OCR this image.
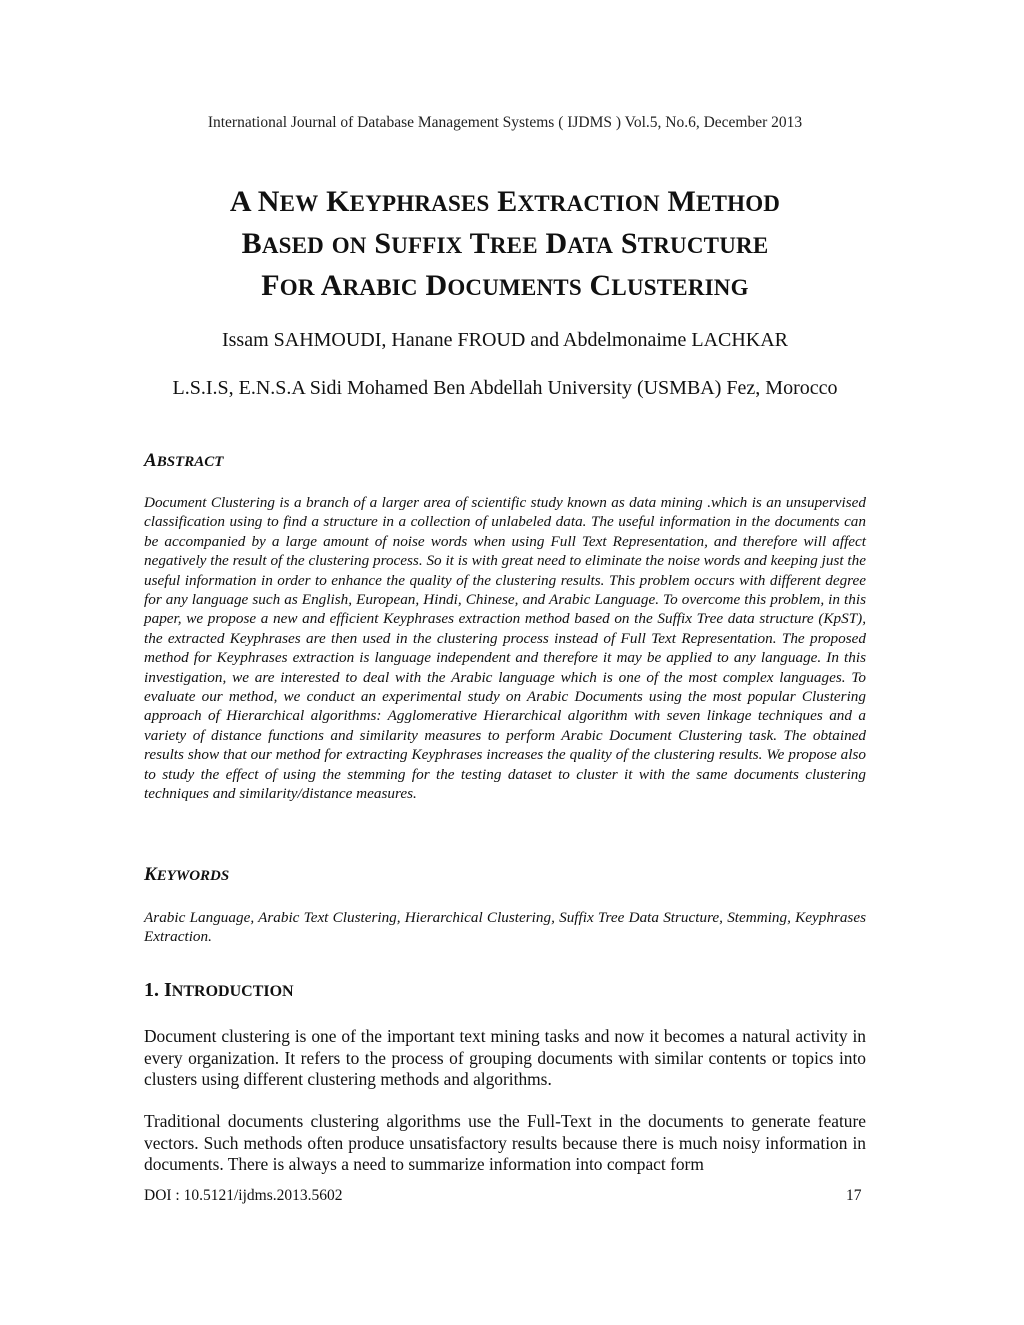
International Journal of Database Management Systems ( IJDMS ) Vol.5, No.6, December 2013
A NEW KEYPHRASES EXTRACTION METHOD
BASED ON SUFFIX TREE DATA STRUCTURE
FOR ARABIC DOCUMENTS CLUSTERING
Issam SAHMOUDI, Hanane FROUD and Abdelmonaime LACHKAR
L.S.I.S, E.N.S.A Sidi Mohamed Ben Abdellah University (USMBA) Fez, Morocco
ABSTRACT
Document Clustering is a branch of a larger area of scientific study known as data mining .which is an unsupervised classification using to find a structure in a collection of unlabeled data. The useful information in the documents can be accompanied by a large amount of noise words when using Full Text Representation, and therefore will affect negatively the result of the clustering process. So it is with great need to eliminate the noise words and keeping just the useful information in order to enhance the quality of the clustering results. This problem occurs with different degree for any language such as English, European, Hindi, Chinese, and Arabic Language. To overcome this problem, in this paper, we propose a new and efficient Keyphrases extraction method based on the Suffix Tree data structure (KpST), the extracted Keyphrases are then used in the clustering process instead of Full Text Representation. The proposed method for Keyphrases extraction is language independent and therefore it may be applied to any language. In this investigation, we are interested to deal with the Arabic language which is one of the most complex languages. To evaluate our method, we conduct an experimental study on Arabic Documents using the most popular Clustering approach of Hierarchical algorithms: Agglomerative Hierarchical algorithm with seven linkage techniques and a variety of distance functions and similarity measures to perform Arabic Document Clustering task. The obtained results show that our method for extracting Keyphrases increases the quality of the clustering results. We propose also to study the effect of using the stemming for the testing dataset to cluster it with the same documents clustering techniques and similarity/distance measures.
KEYWORDS
Arabic Language, Arabic Text Clustering, Hierarchical Clustering, Suffix Tree Data Structure, Stemming, Keyphrases Extraction.
1. INTRODUCTION
Document clustering is one of the important text mining tasks and now it becomes a natural activity in every organization. It refers to the process of grouping documents with similar contents or topics into clusters using different clustering methods and algorithms.
Traditional documents clustering algorithms use the Full-Text in the documents to generate feature vectors. Such methods often produce unsatisfactory results because there is much noisy information in documents. There is always a need to summarize information into compact form
DOI : 10.5121/ijdms.2013.5602	17
